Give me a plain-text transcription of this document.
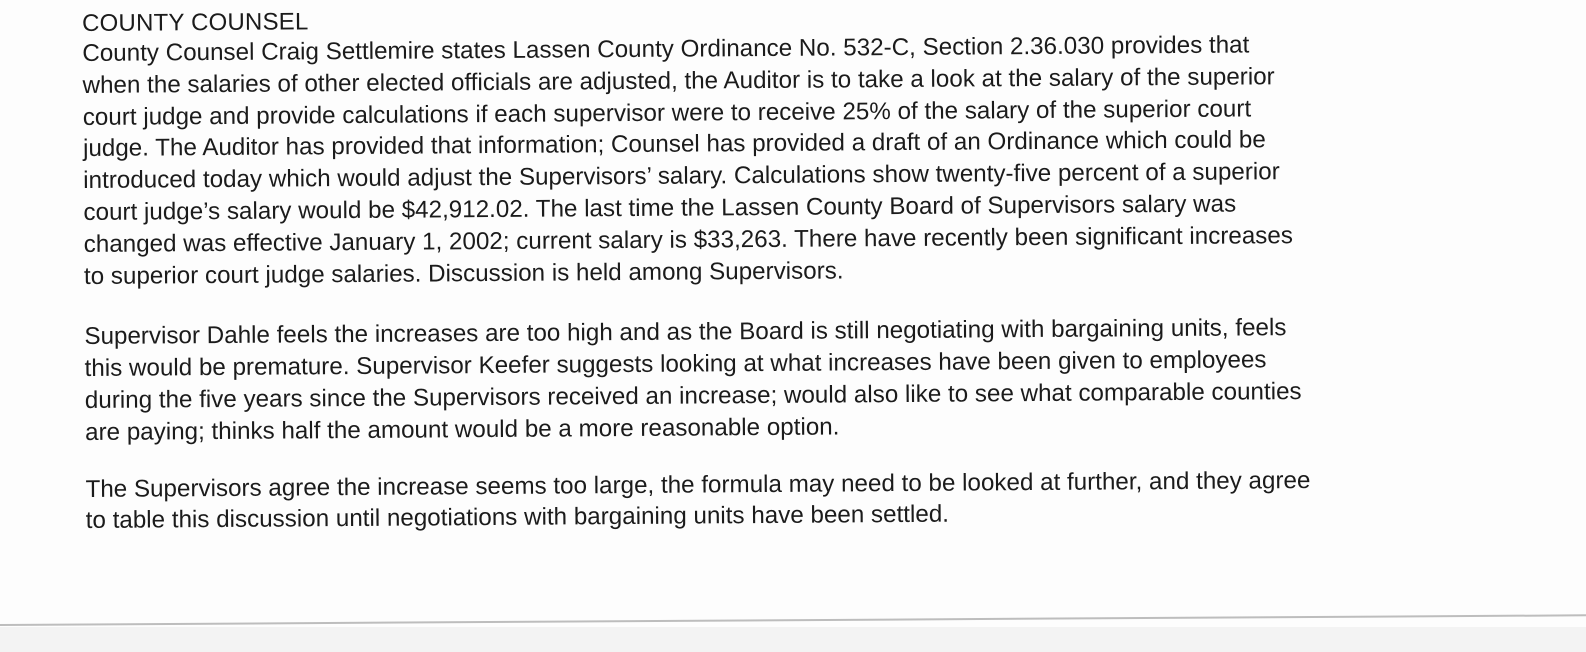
COUNTY COUNSEL

County Counsel Craig Settlemire states Lassen County Ordinance No. 532-C, Section 2.36.030 provides that
when the salaries of other elected officials are adjusted, the Auditor is to take a look at the salary of the superior
court judge and provide calculations if each supervisor were to receive 25% of the salary of the superior court
judge. The Auditor has provided that information; Counsel has provided a draft of an Ordinance which could be
introduced today which would adjust the Supervisors’ salary. Calculations show twenty-five percent of a superior
court judge’s salary would be $42,912.02. The last time the Lassen County Board of Supervisors salary was
changed was effective January 1, 2002; current salary is $33,263. There have recently been significant increases
to superior court judge salaries. Discussion is held among Supervisors.

Supervisor Dahle feels the increases are too high and as the Board is still negotiating with bargaining units, feels
this would be premature. Supervisor Keefer suggests looking at what increases have been given to employees
during the five years since the Supervisors received an increase; would also like to see what comparable counties
are paying; thinks half the amount would be a more reasonable option.

The Supervisors agree the increase seems too large, the formula may need to be looked at further, and they agree
to table this discussion until negotiations with bargaining units have been settled.
